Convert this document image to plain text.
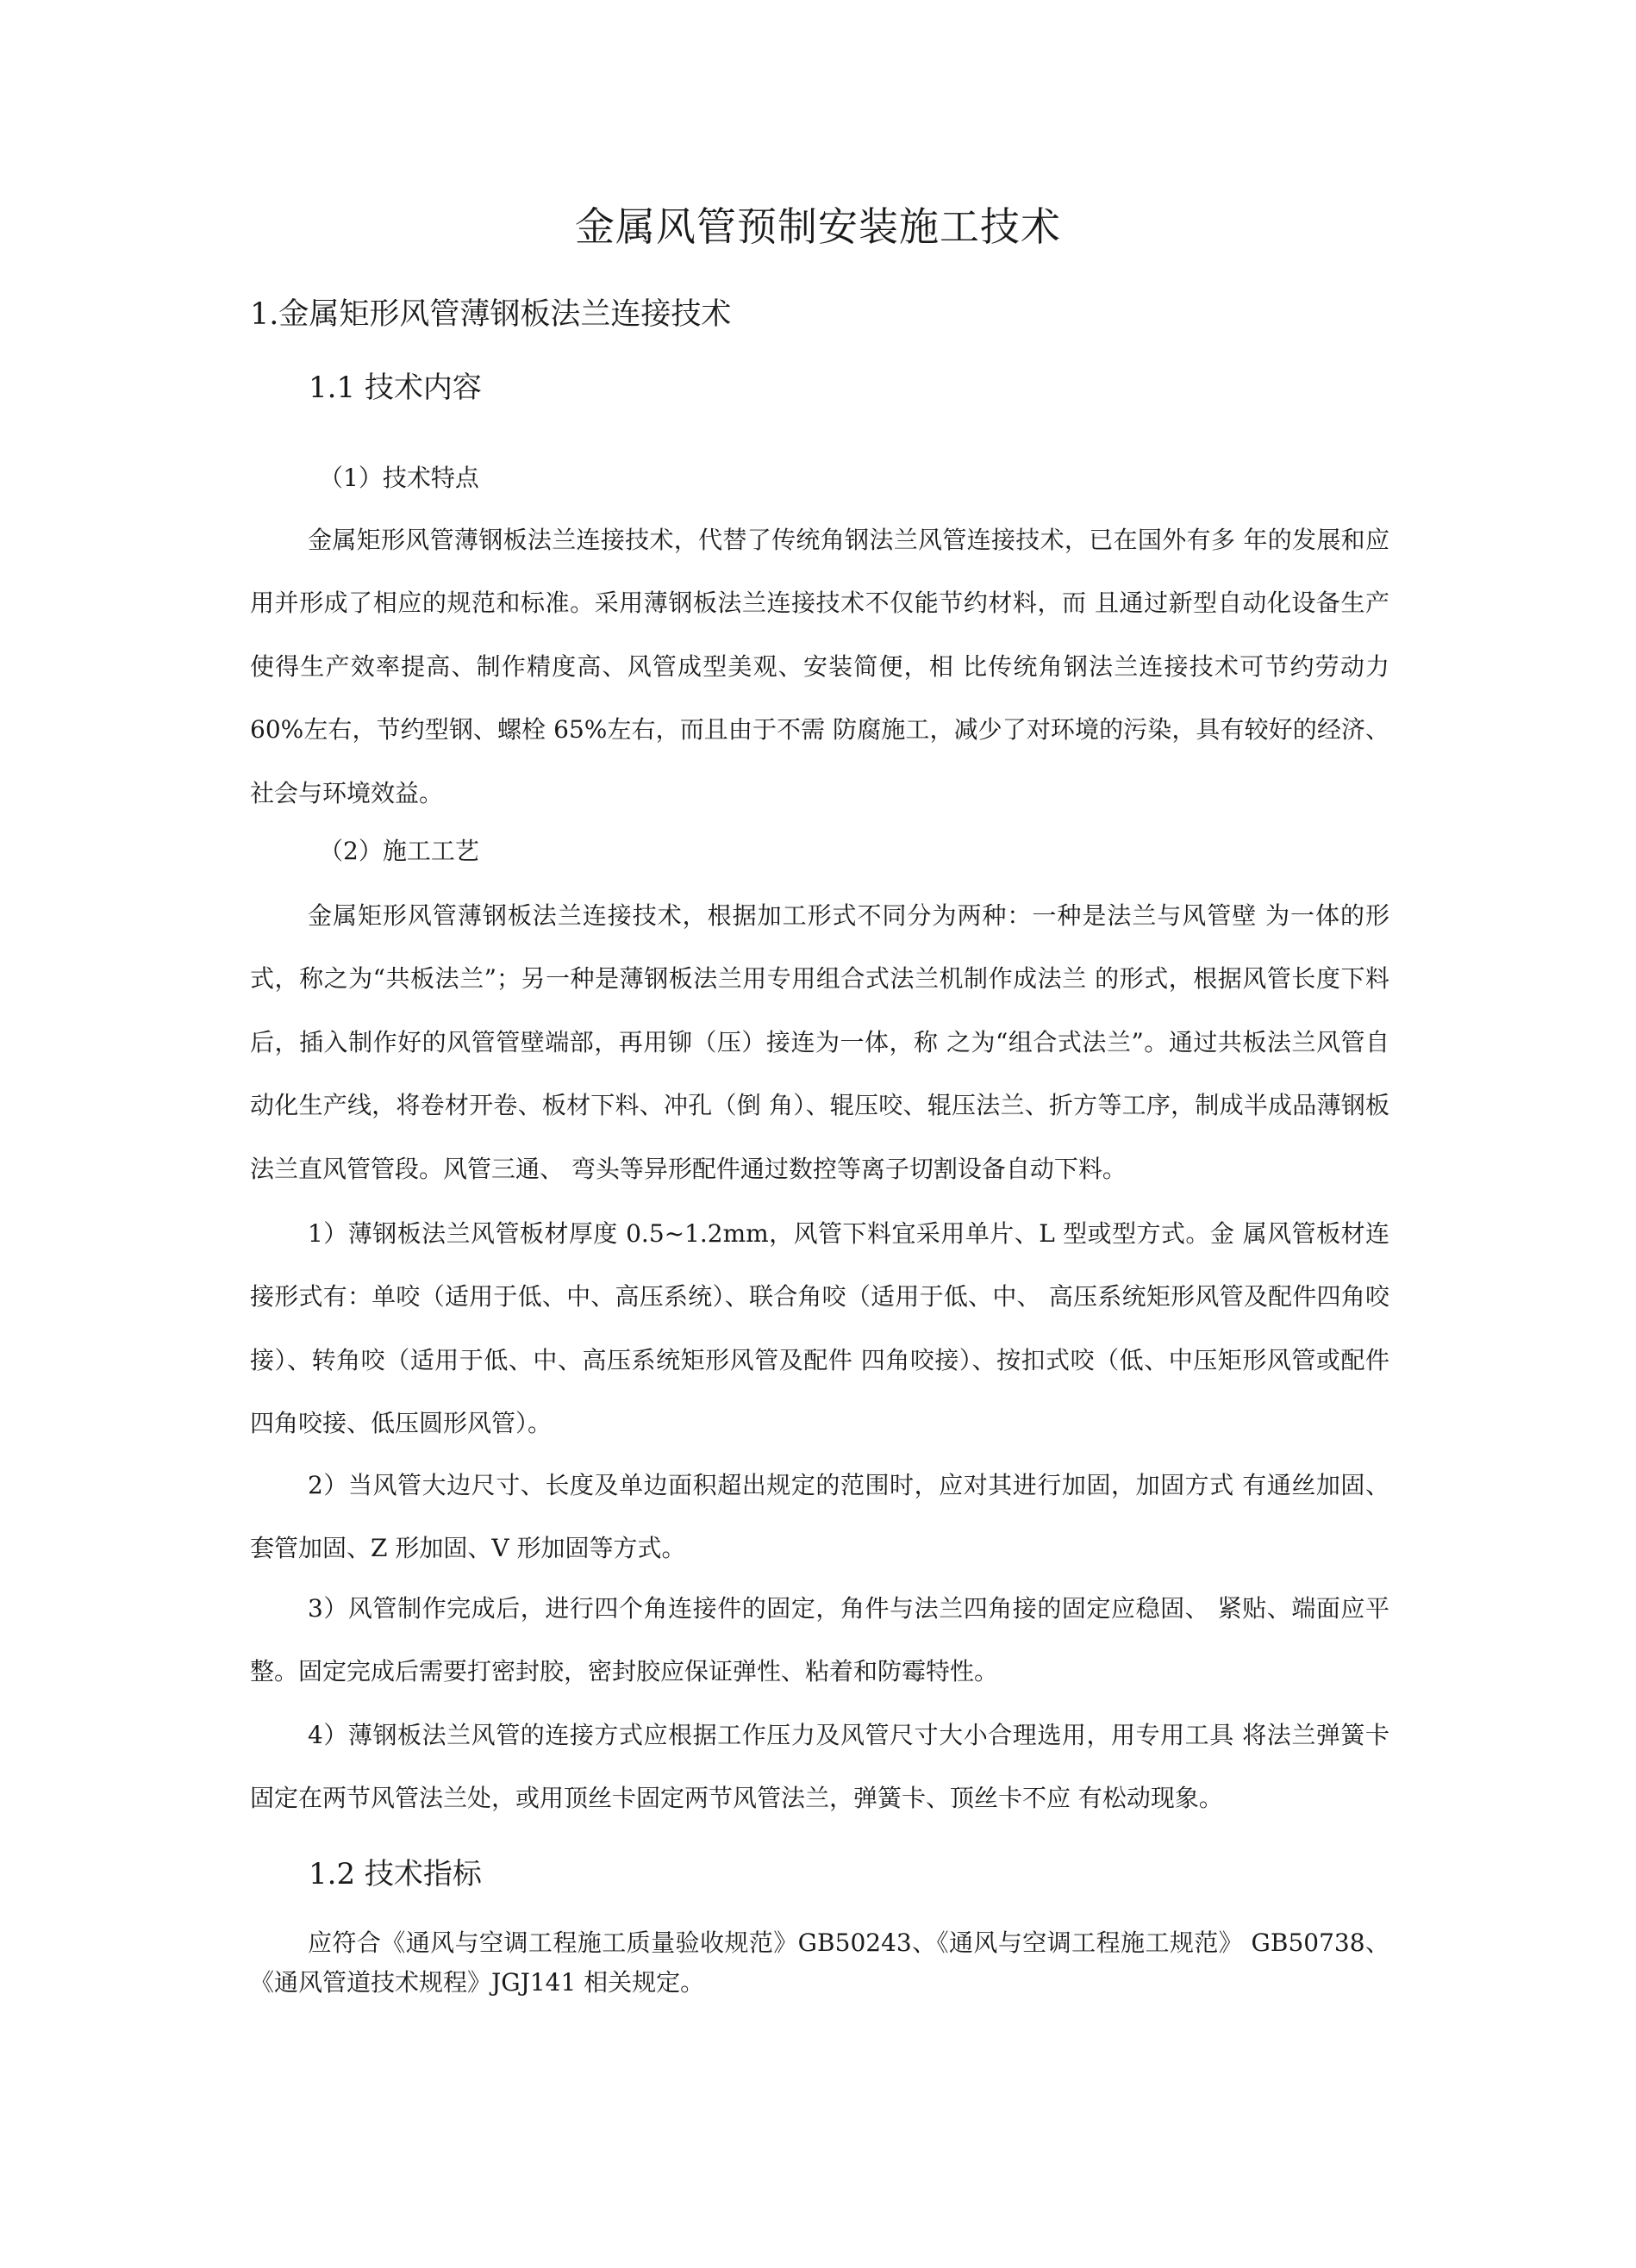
金属风管预制安装施工技术
1.金属矩形风管薄钢板法兰连接技术
1.1 技术内容
（1）技术特点

金属矩形风管薄钢板法兰连接技术，代替了传统角钢法兰风管连接技术，已在国外有多 年的发展和应用并形成了相应的规范和标准。采用薄钢板法兰连接技术不仅能节约材料，而 且通过新型自动化设备生产使得生产效率提高、制作精度高、风管成型美观、安装简便，相 比传统角钢法兰连接技术可节约劳动力 60%左右，节约型钢、螺栓 65%左右，而且由于不需 防腐施工，减少了对环境的污染，具有较好的经济、社会与环境效益。

（2）施工工艺

金属矩形风管薄钢板法兰连接技术，根据加工形式不同分为两种：一种是法兰与风管壁 为一体的形式，称之为“共板法兰”；另一种是薄钢板法兰用专用组合式法兰机制作成法兰 的形式，根据风管长度下料后，插入制作好的风管管壁端部，再用铆（压）接连为一体，称 之为“组合式法兰”。通过共板法兰风管自动化生产线，将卷材开卷、板材下料、冲孔（倒 角）、辊压咬、辊压法兰、折方等工序，制成半成品薄钢板法兰直风管管段。风管三通、 弯头等异形配件通过数控等离子切割设备自动下料。

1）薄钢板法兰风管板材厚度 0.5~1.2mm，风管下料宜采用单片、L 型或型方式。金 属风管板材连接形式有：单咬（适用于低、中、高压系统）、联合角咬（适用于低、中、 高压系统矩形风管及配件四角咬接）、转角咬（适用于低、中、高压系统矩形风管及配件 四角咬接）、按扣式咬（低、中压矩形风管或配件四角咬接、低压圆形风管）。

2）当风管大边尺寸、长度及单边面积超出规定的范围时，应对其进行加固，加固方式 有通丝加固、套管加固、Z 形加固、V 形加固等方式。

3）风管制作完成后，进行四个角连接件的固定，角件与法兰四角接的固定应稳固、 紧贴、端面应平整。固定完成后需要打密封胶，密封胶应保证弹性、粘着和防霉特性。

4）薄钢板法兰风管的连接方式应根据工作压力及风管尺寸大小合理选用，用专用工具 将法兰弹簧卡固定在两节风管法兰处，或用顶丝卡固定两节风管法兰，弹簧卡、顶丝卡不应 有松动现象。

1.2 技术指标

应符合《通风与空调工程施工质量验收规范》GB50243、《通风与空调工程施工规范》 GB50738、《通风管道技术规程》JGJ141 相关规定。
